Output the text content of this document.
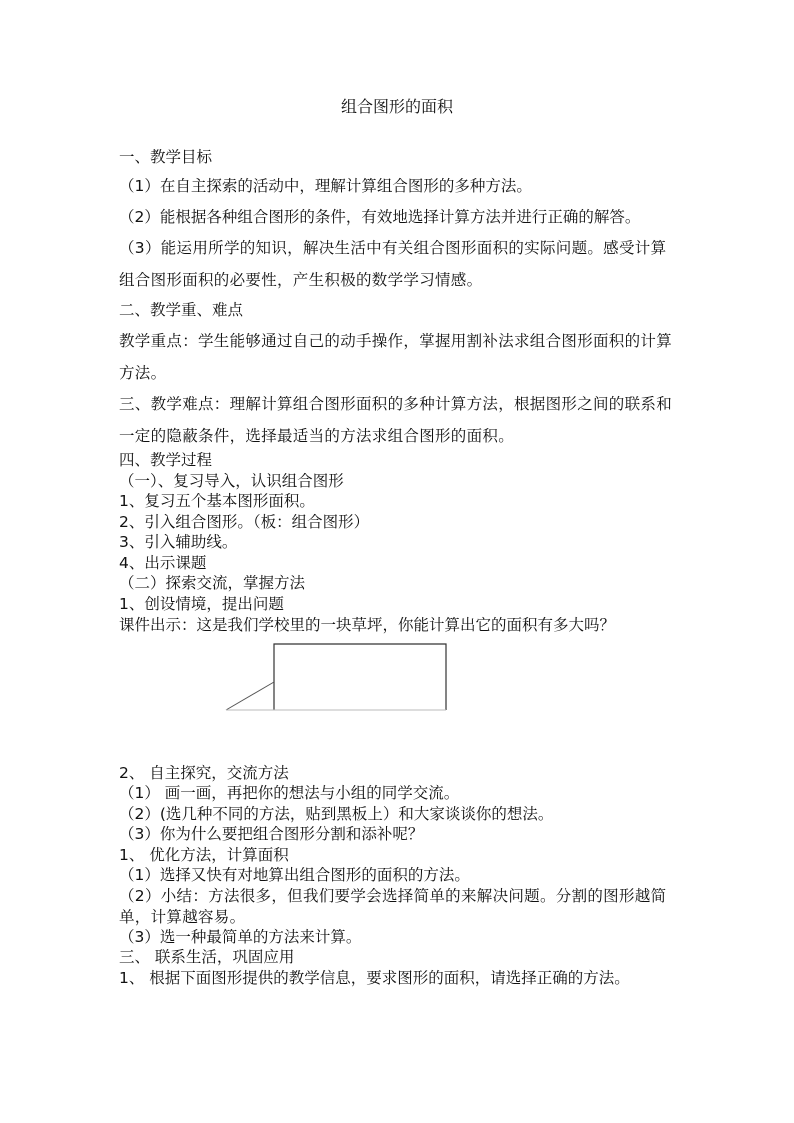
组合图形的面积

一、教学目标

（1）在自主探索的活动中，理解计算组合图形的多种方法。

（2）能根据各种组合图形的条件，有效地选择计算方法并进行正确的解答。

（3）能运用所学的知识，解决生活中有关组合图形面积的实际问题。感受计算组合图形面积的必要性，产生积极的数学学习情感。

二、教学重、难点

教学重点：学生能够通过自己的动手操作，掌握用割补法求组合图形面积的计算方法。

三、教学难点：理解计算组合图形面积的多种计算方法，根据图形之间的联系和一定的隐蔽条件，选择最适当的方法求组合图形的面积。

四、教学过程

（一）、复习导入，认识组合图形

1、复习五个基本图形面积。

2、引入组合图形。（板：组合图形）

3、引入辅助线。

4、出示课题

（二）探索交流，掌握方法

1、创设情境，提出问题

课件出示：这是我们学校里的一块草坪，你能计算出它的面积有多大吗？

2、 自主探究，交流方法

（1） 画一画，再把你的想法与小组的同学交流。

（2）(选几种不同的方法，贴到黑板上）和大家谈谈你的想法。

（3）你为什么要把组合图形分割和添补呢？

1、 优化方法，计算面积

（1）选择又快有对地算出组合图形的面积的方法。

（2）小结：方法很多，但我们要学会选择简单的来解决问题。分割的图形越简单，计算越容易。

（3）选一种最简单的方法来计算。

三、 联系生活，巩固应用

1、 根据下面图形提供的教学信息，要求图形的面积，请选择正确的方法。
